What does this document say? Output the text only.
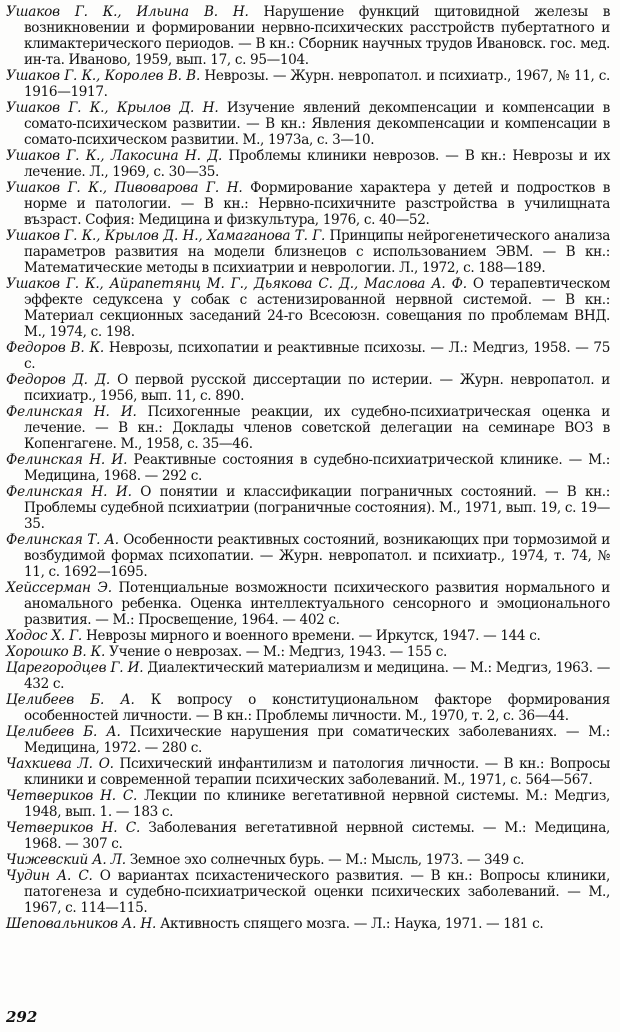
Ушаков Г. К., Ильина В. Н. Нарушение функций щитовидной железы в возникновении и формировании нервно-психических расстройств пубертатного и климактерического периодов. — В кн.: Сборник научных трудов Ивановск. гос. мед. ин-та. Иваново, 1959, вып. 17, с. 95—104.
Ушаков Г. К., Королев В. В. Неврозы. — Журн. невропатол. и психиатр., 1967, № 11, с. 1916—1917.
Ушаков Г. К., Крылов Д. Н. Изучение явлений декомпенсации и компенсации в сомато-психическом развитии. — В кн.: Явления декомпенсации и компенсации в сомато-психическом развитии. М., 1973а, с. 3—10.
Ушаков Г. К., Лакосина Н. Д. Проблемы клиники неврозов. — В кн.: Неврозы и их лечение. Л., 1969, с. 30—35.
Ушаков Г. К., Пивоварова Г. Н. Формирование характера у детей и подростков в норме и патологии. — В кн.: Нервно-психичните разстройства в училищната възраст. София: Медицина и физкультура, 1976, с. 40—52.
Ушаков Г. К., Крылов Д. Н., Хамаганова Т. Г. Принципы нейрогенетического анализа параметров развития на модели близнецов с использованием ЭВМ. — В кн.: Математические методы в психиатрии и неврологии. Л., 1972, с. 188—189.
Ушаков Г. К., Айрапетянц М. Г., Дьякова С. Д., Маслова А. Ф. О терапевтическом эффекте седуксена у собак с астенизированной нервной системой. — В кн.: Материал секционных заседаний 24-го Всесоюзн. совещания по проблемам ВНД. М., 1974, с. 198.
Федоров В. К. Неврозы, психопатии и реактивные психозы. — Л.: Медгиз, 1958. — 75 с.
Федоров Д. Д. О первой русской диссертации по истерии. — Журн. невропатол. и психиатр., 1956, вып. 11, с. 890.
Фелинская Н. И. Психогенные реакции, их судебно-психиатрическая оценка и лечение. — В кн.: Доклады членов советской делегации на семинаре ВОЗ в Копенгагене. М., 1958, с. 35—46.
Фелинская Н. И. Реактивные состояния в судебно-психиатрической клинике. — М.: Медицина, 1968. — 292 с.
Фелинская Н. И. О понятии и классификации пограничных состояний. — В кн.: Проблемы судебной психиатрии (пограничные состояния). М., 1971, вып. 19, с. 19—35.
Фелинская Т. А. Особенности реактивных состояний, возникающих при тормозимой и возбудимой формах психопатии. — Журн. невропатол. и психиатр., 1974, т. 74, № 11, с. 1692—1695.
Хейссерман Э. Потенциальные возможности психического развития нормального и аномального ребенка. Оценка интеллектуального сенсорного и эмоционального развития. — М.: Просвещение, 1964. — 402 с.
Ходос Х. Г. Неврозы мирного и военного времени. — Иркутск, 1947. — 144 с.
Хорошко В. К. Учение о неврозах. — М.: Медгиз, 1943. — 155 с.
Царегородцев Г. И. Диалектический материализм и медицина. — М.: Медгиз, 1963. — 432 с.
Целибеев Б. А. К вопросу о конституциональном факторе формирования особенностей личности. — В кн.: Проблемы личности. М., 1970, т. 2, с. 36—44.
Целибеев Б. А. Психические нарушения при соматических заболеваниях. — М.: Медицина, 1972. — 280 с.
Чахкиева Л. О. Психический инфантилизм и патология личности. — В кн.: Вопросы клиники и современной терапии психических заболеваний. М., 1971, с. 564—567.
Четвериков Н. С. Лекции по клинике вегетативной нервной системы. М.: Медгиз, 1948, вып. 1. — 183 с.
Четвериков Н. С. Заболевания вегетативной нервной системы. — М.: Медицина, 1968. — 307 с.
Чижевский А. Л. Земное эхо солнечных бурь. — М.: Мысль, 1973. — 349 с.
Чудин А. С. О вариантах психастенического развития. — В кн.: Вопросы клиники, патогенеза и судебно-психиатрической оценки психических заболеваний. — М., 1967, с. 114—115.
Шеповальников А. Н. Активность спящего мозга. — Л.: Наука, 1971. — 181 с.
292
